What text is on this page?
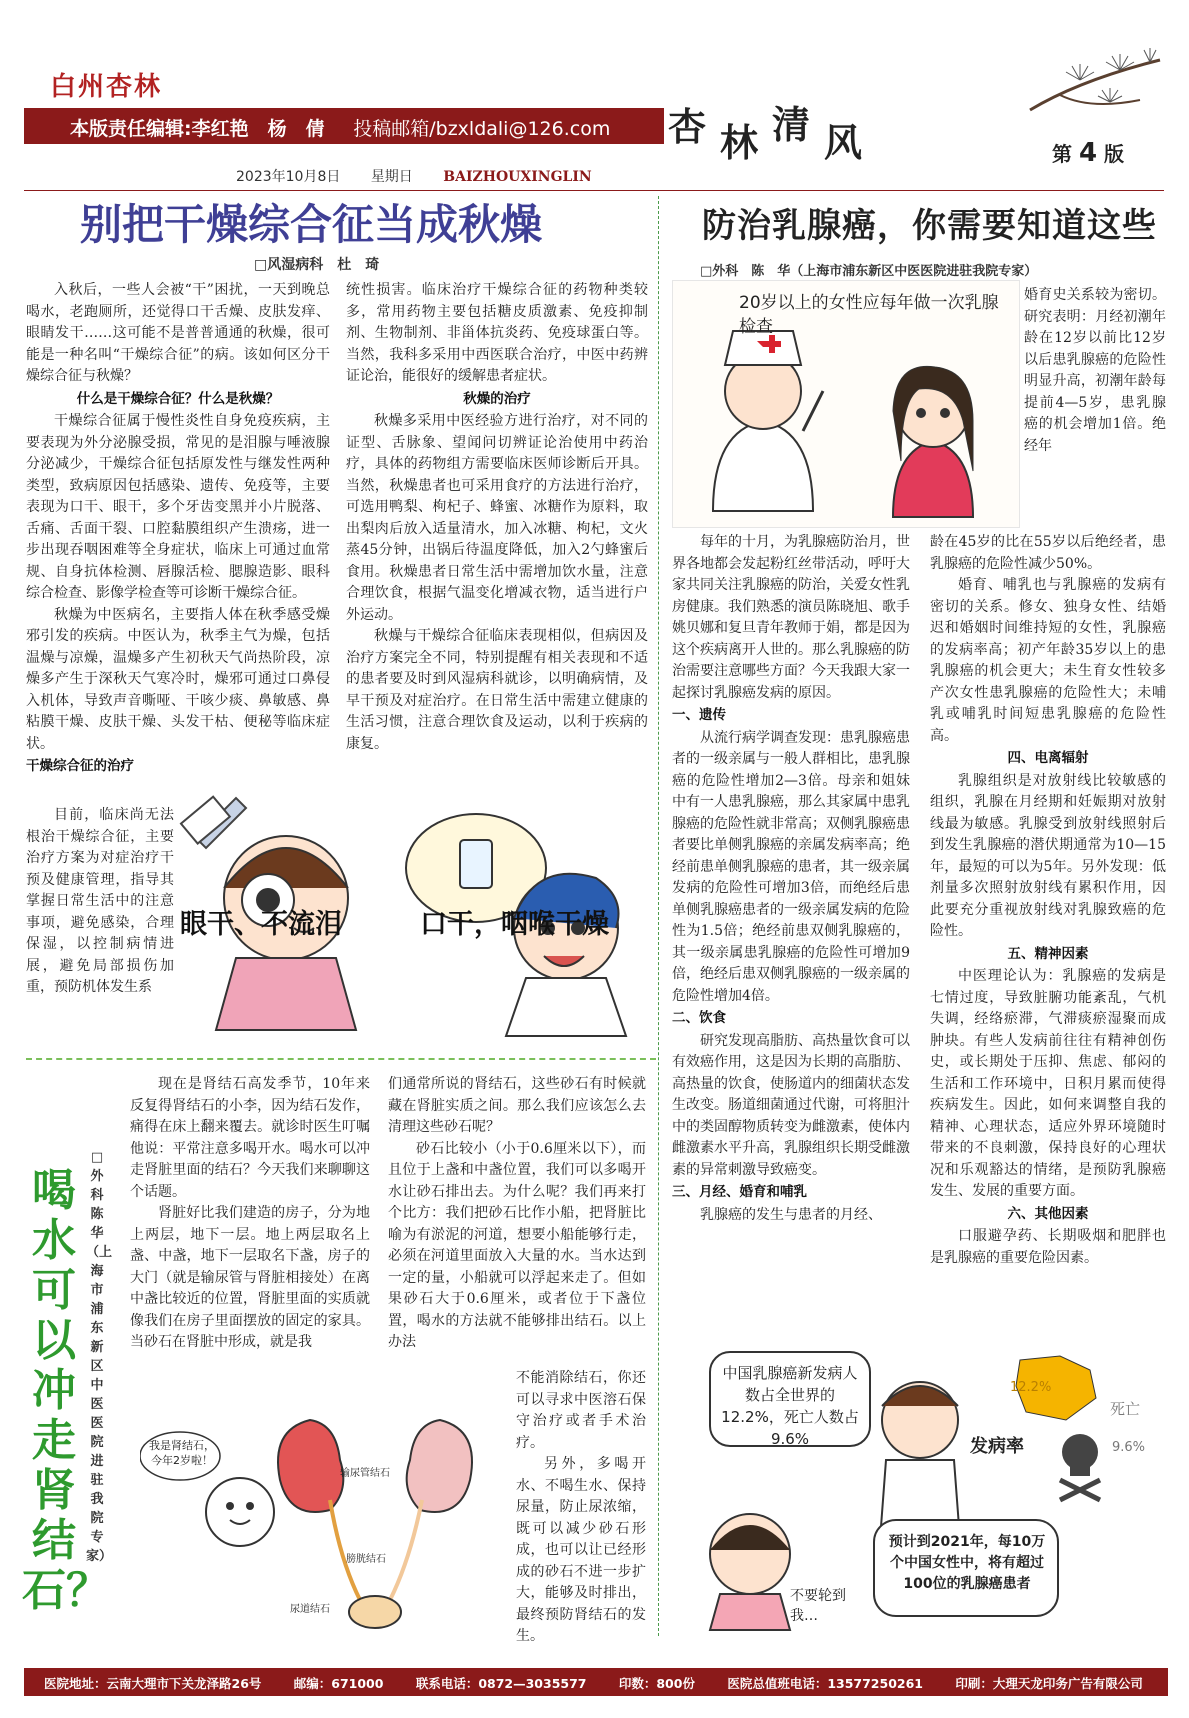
白州杏林
本版责任编辑:李红艳　杨　倩 投稿邮箱/bzxldali@126.com	杏 林 清 风	第 4 版
2023年10月8日 星期日 BAIZHOUXINGLIN
别把干燥综合征当成秋燥
□风湿病科　杜　琦

入秋后，一些人会被“干”困扰，一天到晚总喝水，老跑厕所，还觉得口干舌燥、皮肤发痒、眼睛发干……这可能不是普普通通的秋燥，很可能是一种名叫“干燥综合征”的病。该如何区分干燥综合征与秋燥？

什么是干燥综合征？什么是秋燥？

干燥综合征属于慢性炎性自身免疫疾病，主要表现为外分泌腺受损，常见的是泪腺与唾液腺分泌减少，干燥综合征包括原发性与继发性两种类型，致病原因包括感染、遗传、免疫等，主要表现为口干、眼干，多个牙齿变黑并小片脱落、舌痛、舌面干裂、口腔黏膜组织产生溃疡，进一步出现吞咽困难等全身症状，临床上可通过血常规、自身抗体检测、唇腺活检、腮腺造影、眼科综合检查、影像学检查等可诊断干燥综合征。

秋燥为中医病名，主要指人体在秋季感受燥邪引发的疾病。中医认为，秋季主气为燥，包括温燥与凉燥，温燥多产生初秋天气尚热阶段，凉燥多产生于深秋天气寒冷时，燥邪可通过口鼻侵入机体，导致声音嘶哑、干咳少痰、鼻敏感、鼻粘膜干燥、皮肤干燥、头发干枯、便秘等临床症状。

干燥综合征的治疗

统性损害。临床治疗干燥综合征的药物种类较多，常用药物主要包括糖皮质激素、免疫抑制剂、生物制剂、非甾体抗炎药、免疫球蛋白等。当然，我科多采用中西医联合治疗，中医中药辨证论治，能很好的缓解患者症状。

秋燥的治疗

秋燥多采用中医经验方进行治疗，对不同的证型、舌脉象、望闻问切辨证论治使用中药治疗，具体的药物组方需要临床医师诊断后开具。当然，秋燥患者也可采用食疗的方法进行治疗，可选用鸭梨、枸杞子、蜂蜜、冰糖作为原料，取出梨肉后放入适量清水，加入冰糖、枸杞，文火蒸45分钟，出锅后待温度降低，加入2勺蜂蜜后食用。秋燥患者日常生活中需增加饮水量，注意合理饮食，根据气温变化增减衣物，适当进行户外运动。

秋燥与干燥综合征临床表现相似，但病因及治疗方案完全不同，特别提醒有相关表现和不适的患者要及时到风湿病科就诊，以明确病情，及早干预及对症治疗。在日常生活中需建立健康的生活习惯，注意合理饮食及运动，以利于疾病的康复。

目前，临床尚无法根治干燥综合征，主要治疗方案为对症治疗干预及健康管理，指导其掌握日常生活中的注意事项，避免感染，合理保湿，以控制病情进展，避免局部损伤加重，预防机体发生系

眼干、不流泪	口干，咽喉干燥
防治乳腺癌，你需要知道这些
□外科　陈　华（上海市浦东新区中医医院进驻我院专家）
20岁以上的女性应每年做一次乳腺检查

婚育史关系较为密切。研究表明：月经初潮年龄在12岁以前比12岁以后患乳腺癌的危险性明显升高，初潮年龄每提前4—5岁，患乳腺癌的机会增加1倍。绝经年

每年的十月，为乳腺癌防治月，世界各地都会发起粉红丝带活动，呼吁大家共同关注乳腺癌的防治，关爱女性乳房健康。我们熟悉的演员陈晓旭、歌手姚贝娜和复旦青年教师于娟，都是因为这个疾病离开人世的。那么乳腺癌的防治需要注意哪些方面？今天我跟大家一起探讨乳腺癌发病的原因。

一、遗传

从流行病学调查发现：患乳腺癌患者的一级亲属与一般人群相比，患乳腺癌的危险性增加2—3倍。母亲和姐妹中有一人患乳腺癌，那么其家属中患乳腺癌的危险性就非常高；双侧乳腺癌患者要比单侧乳腺癌的亲属发病率高；绝经前患单侧乳腺癌的患者，其一级亲属发病的危险性可增加3倍，而绝经后患单侧乳腺癌患者的一级亲属发病的危险性为1.5倍；绝经前患双侧乳腺癌的，其一级亲属患乳腺癌的危险性可增加9倍，绝经后患双侧乳腺癌的一级亲属的危险性增加4倍。

二、饮食

研究发现高脂肪、高热量饮食可以有效癌作用，这是因为长期的高脂肪、高热量的饮食，使肠道内的细菌状态发生改变。肠道细菌通过代谢，可将胆汁中的类固醇物质转变为雌激素，使体内雌激素水平升高，乳腺组织长期受雌激素的异常刺激导致癌变。

三、月经、婚育和哺乳

乳腺癌的发生与患者的月经、

龄在45岁的比在55岁以后绝经者，患乳腺癌的危险性减少50%。

婚育、哺乳也与乳腺癌的发病有密切的关系。修女、独身女性、结婚迟和婚姻时间维持短的女性，乳腺癌的发病率高；初产年龄35岁以上的患乳腺癌的机会更大；未生育女性较多产次女性患乳腺癌的危险性大；未哺乳或哺乳时间短患乳腺癌的危险性高。

四、电离辐射

乳腺组织是对放射线比较敏感的组织，乳腺在月经期和妊娠期对放射线最为敏感。乳腺受到放射线照射后到发生乳腺癌的潜伏期通常为10—15年，最短的可以为5年。另外发现：低剂量多次照射放射线有累积作用，因此要充分重视放射线对乳腺致癌的危险性。

五、精神因素

中医理论认为：乳腺癌的发病是七情过度，导致脏腑功能紊乱，气机失调，经络瘀滞，气滞痰瘀湿聚而成肿块。有些人发病前往往有精神创伤史，或长期处于压抑、焦虑、郁闷的生活和工作环境中，日积月累而使得疾病发生。因此，如何来调整自我的精神、心理状态，适应外界环境随时带来的不良刺激，保持良好的心理状况和乐观豁达的情绪，是预防乳腺癌发生、发展的重要方面。

六、其他因素

口服避孕药、长期吸烟和肥胖也是乳腺癌的重要危险因素。

中国乳腺癌新发病人数占全世界的12.2%，死亡人数占9.6%	发病率
12.2%
死亡
9.6%
预计到2021年，每10万个中国女性中，将有超过100位的乳腺癌患者
不要轮到我…
喝水可以冲走肾结石？
□外科　陈　华（上海市浦东新区中医医院进驻我院专家）

现在是肾结石高发季节，10年来反复得肾结石的小李，因为结石发作，痛得在床上翻来覆去。就诊时医生叮嘱他说：平常注意多喝开水。喝水可以冲走肾脏里面的结石？今天我们来聊聊这个话题。

肾脏好比我们建造的房子，分为地上两层，地下一层。地上两层取名上盏、中盏，地下一层取名下盏，房子的大门（就是输尿管与肾脏相接处）在离中盏比较近的位置，肾脏里面的实质就像我们在房子里面摆放的固定的家具。当砂石在肾脏中形成，就是我

们通常所说的肾结石，这些砂石有时候就藏在肾脏实质之间。那么我们应该怎么去清理这些砂石呢？

砂石比较小（小于0.6厘米以下），而且位于上盏和中盏位置，我们可以多喝开水让砂石排出去。为什么呢？我们再来打个比方：我们把砂石比作小船，把肾脏比喻为有淤泥的河道，想要小船能够行走，必须在河道里面放入大量的水。当水达到一定的量，小船就可以浮起来走了。但如果砂石大于0.6厘米，或者位于下盏位置，喝水的方法就不能够排出结石。以上办法

不能消除结石，你还可以寻求中医溶石保守治疗或者手术治疗。

另外，多喝开水、不喝生水、保持尿量，防止尿浓缩，既可以减少砂石形成，也可以让已经形成的砂石不进一步扩大，能够及时排出，最终预防肾结石的发生。

我是肾结石，今年2岁啦！
输尿管结石
膀胱结石
尿道结石
医院地址：云南大理市下关龙泽路26号	邮编：671000	联系电话：0872—3035577	印数：800份	医院总值班电话：13577250261	印刷：大理天龙印务广告有限公司
